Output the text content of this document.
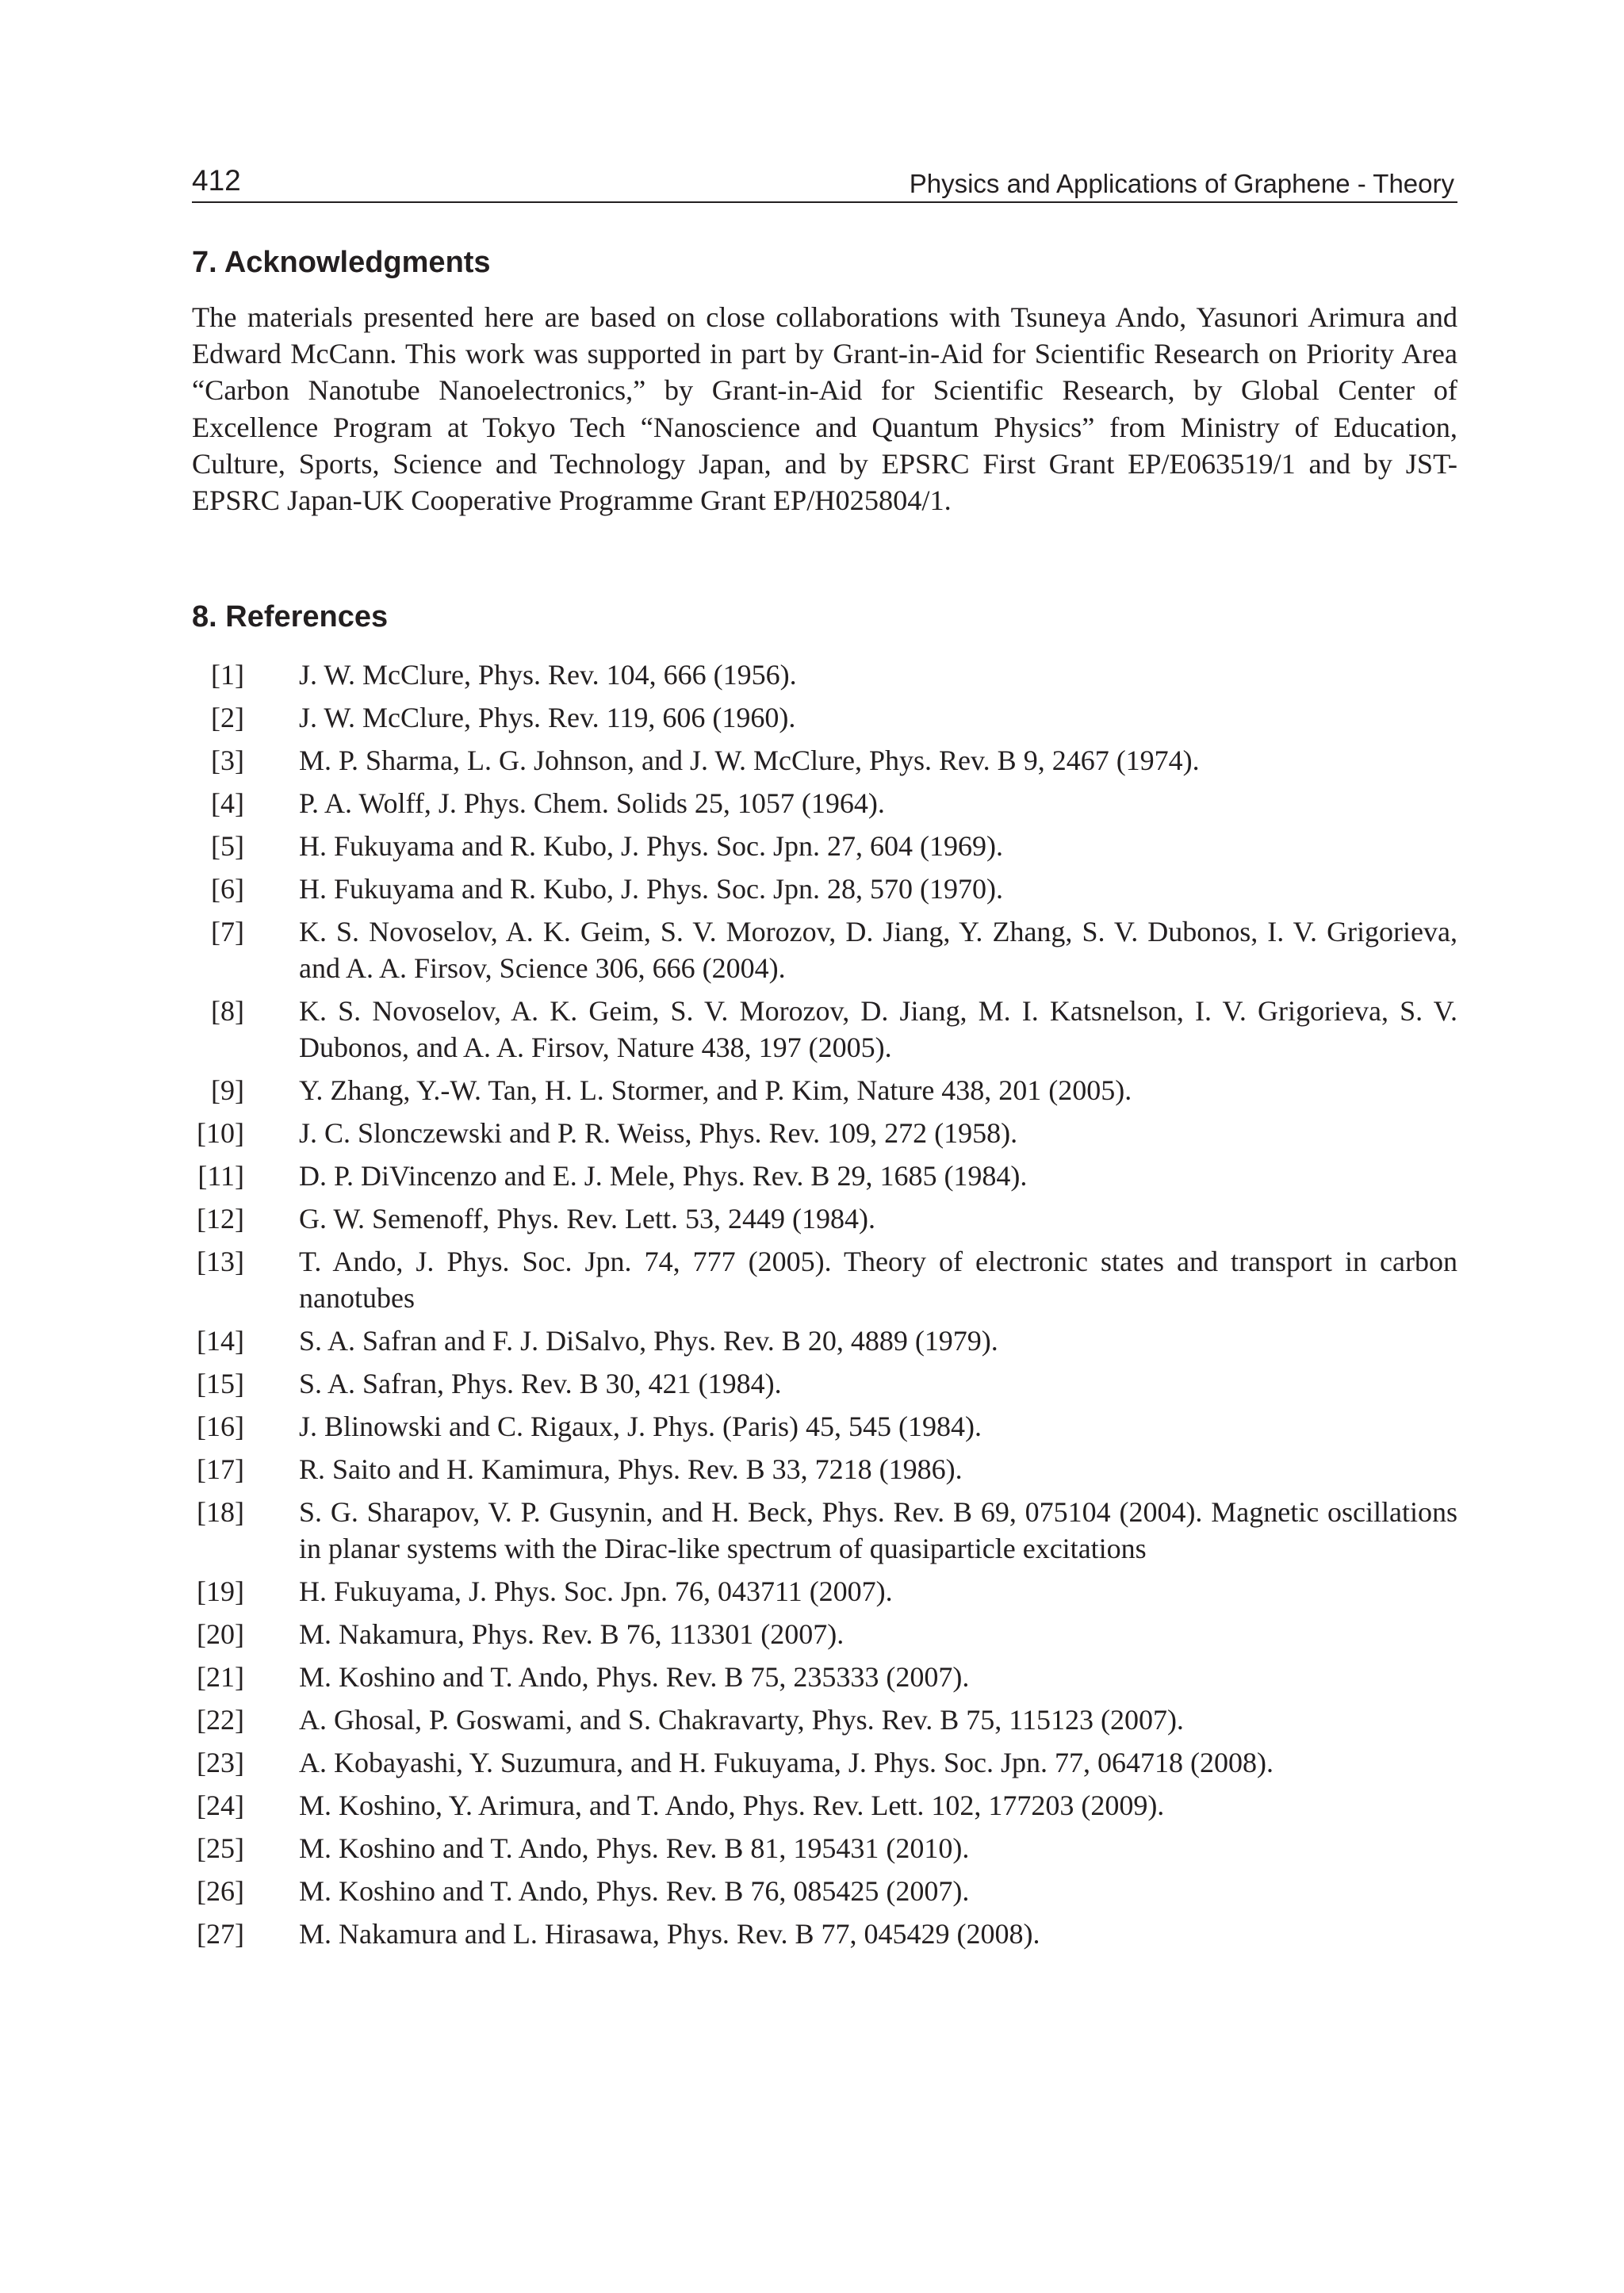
412	Physics and Applications of Graphene - Theory
7. Acknowledgments

The materials presented here are based on close collaborations with Tsuneya Ando, Yasunori Arimura and Edward McCann. This work was supported in part by Grant-in-Aid for Scientific Research on Priority Area “Carbon Nanotube Nanoelectronics,” by Grant-in-Aid for Scientific Research, by Global Center of Excellence Program at Tokyo Tech “Nanoscience and Quantum Physics” from Ministry of Education, Culture, Sports, Science and Technology Japan, and by EPSRC First Grant EP/E063519/1 and by JST-EPSRC Japan-UK Cooperative Programme Grant EP/H025804/1.

8. References
[1] J. W. McClure, Phys. Rev. 104, 666 (1956).
[2] J. W. McClure, Phys. Rev. 119, 606 (1960).
[3] M. P. Sharma, L. G. Johnson, and J. W. McClure, Phys. Rev. B 9, 2467 (1974).
[4] P. A. Wolff, J. Phys. Chem. Solids 25, 1057 (1964).
[5] H. Fukuyama and R. Kubo, J. Phys. Soc. Jpn. 27, 604 (1969).
[6] H. Fukuyama and R. Kubo, J. Phys. Soc. Jpn. 28, 570 (1970).
[7] K. S. Novoselov, A. K. Geim, S. V. Morozov, D. Jiang, Y. Zhang, S. V. Dubonos, I. V. Grigorieva, and A. A. Firsov, Science 306, 666 (2004).
[8] K. S. Novoselov, A. K. Geim, S. V. Morozov, D. Jiang, M. I. Katsnelson, I. V. Grigorieva, S. V. Dubonos, and A. A. Firsov, Nature 438, 197 (2005).
[9] Y. Zhang, Y.-W. Tan, H. L. Stormer, and P. Kim, Nature 438, 201 (2005).
[10] J. C. Slonczewski and P. R. Weiss, Phys. Rev. 109, 272 (1958).
[11] D. P. DiVincenzo and E. J. Mele, Phys. Rev. B 29, 1685 (1984).
[12] G. W. Semenoff, Phys. Rev. Lett. 53, 2449 (1984).
[13] T. Ando, J. Phys. Soc. Jpn. 74, 777 (2005). Theory of electronic states and transport in carbon nanotubes
[14] S. A. Safran and F. J. DiSalvo, Phys. Rev. B 20, 4889 (1979).
[15] S. A. Safran, Phys. Rev. B 30, 421 (1984).
[16] J. Blinowski and C. Rigaux, J. Phys. (Paris) 45, 545 (1984).
[17] R. Saito and H. Kamimura, Phys. Rev. B 33, 7218 (1986).
[18] S. G. Sharapov, V. P. Gusynin, and H. Beck, Phys. Rev. B 69, 075104 (2004). Magnetic oscillations in planar systems with the Dirac-like spectrum of quasiparticle excitations
[19] H. Fukuyama, J. Phys. Soc. Jpn. 76, 043711 (2007).
[20] M. Nakamura, Phys. Rev. B 76, 113301 (2007).
[21] M. Koshino and T. Ando, Phys. Rev. B 75, 235333 (2007).
[22] A. Ghosal, P. Goswami, and S. Chakravarty, Phys. Rev. B 75, 115123 (2007).
[23] A. Kobayashi, Y. Suzumura, and H. Fukuyama, J. Phys. Soc. Jpn. 77, 064718 (2008).
[24] M. Koshino, Y. Arimura, and T. Ando, Phys. Rev. Lett. 102, 177203 (2009).
[25] M. Koshino and T. Ando, Phys. Rev. B 81, 195431 (2010).
[26] M. Koshino and T. Ando, Phys. Rev. B 76, 085425 (2007).
[27] M. Nakamura and L. Hirasawa, Phys. Rev. B 77, 045429 (2008).
